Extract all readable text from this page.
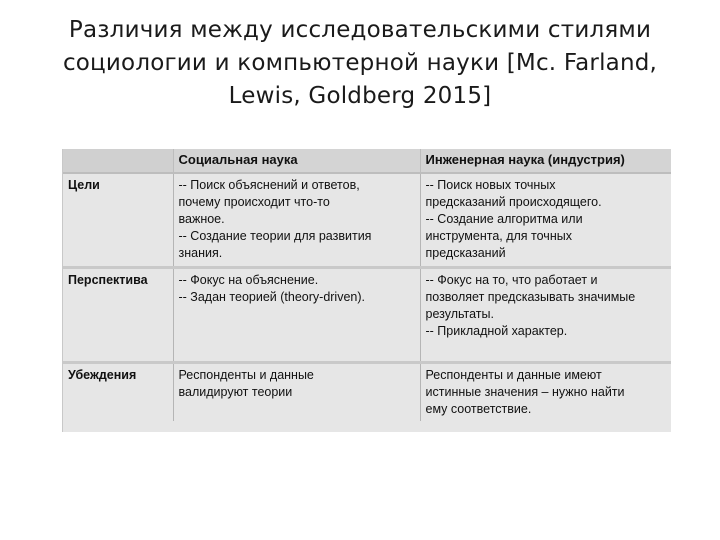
Различия между исследовательскими стилями
социологии и компьютерной науки [Mc. Farland,
Lewis, Goldberg 2015]
	Социальная наука	Инженерная наука (индустрия)
Цели	-- Поиск объяснений и ответов,
почему происходит что-то
важное.
-- Создание теории для развития
знания.	-- Поиск новых точных
предсказаний происходящего.
-- Создание алгоритма или
инструмента, для точных
предсказаний

Перспектива	-- Фокус на объяснение.
-- Задан теорией (theory-driven).	-- Фокус на то, что работает и
позволяет предсказывать значимые
результаты.
-- Прикладной характер.

Убеждения	Респонденты и данные
валидируют теории	Респонденты и данные имеют
истинные значения – нужно найти
ему соответствие.
